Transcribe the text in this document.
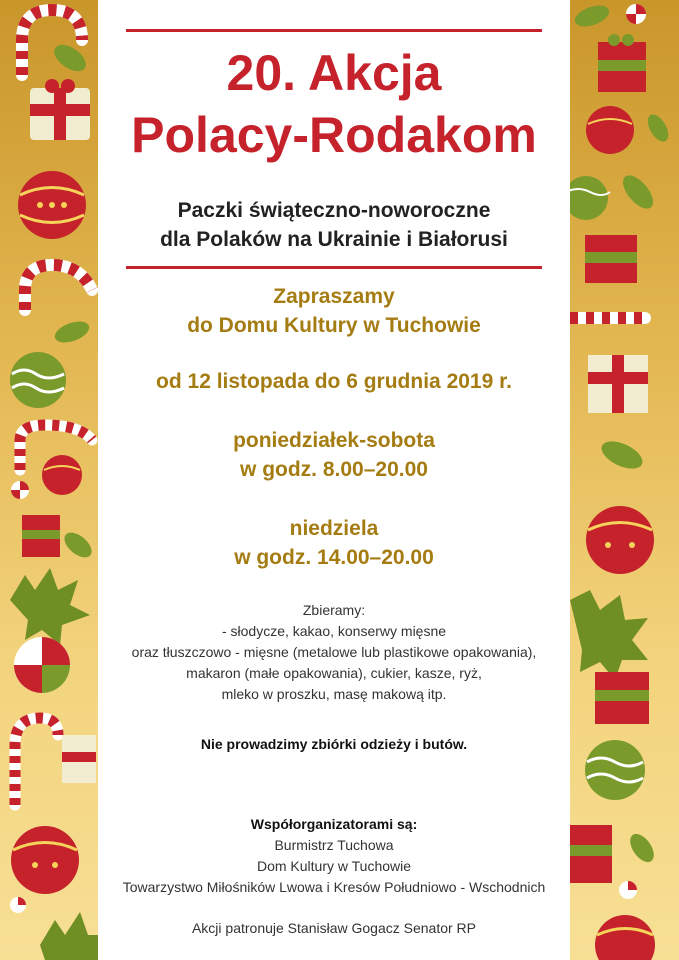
20. Akcja
Polacy-Rodakom

Paczki świąteczno-noworoczne
dla Polaków na Ukrainie i Białorusi

Zapraszamy
do Domu Kultury w Tuchowie

od 12 listopada do 6 grudnia 2019 r.

poniedziałek-sobota
w godz. 8.00–20.00

niedziela
w godz. 14.00–20.00

Zbieramy:
- słodycze, kakao, konserwy mięsne
oraz tłuszczowo - mięsne (metalowe lub plastikowe opakowania),
makaron (małe opakowania), cukier, kasze, ryż,
mleko w proszku, masę makową itp.

Nie prowadzimy zbiórki odzieży i butów.

Współorganizatorami są:
Burmistrz Tuchowa
Dom Kultury w Tuchowie
Towarzystwo Miłośników Lwowa i Kresów Południowo - Wschodnich

Akcji patronuje Stanisław Gogacz Senator RP
